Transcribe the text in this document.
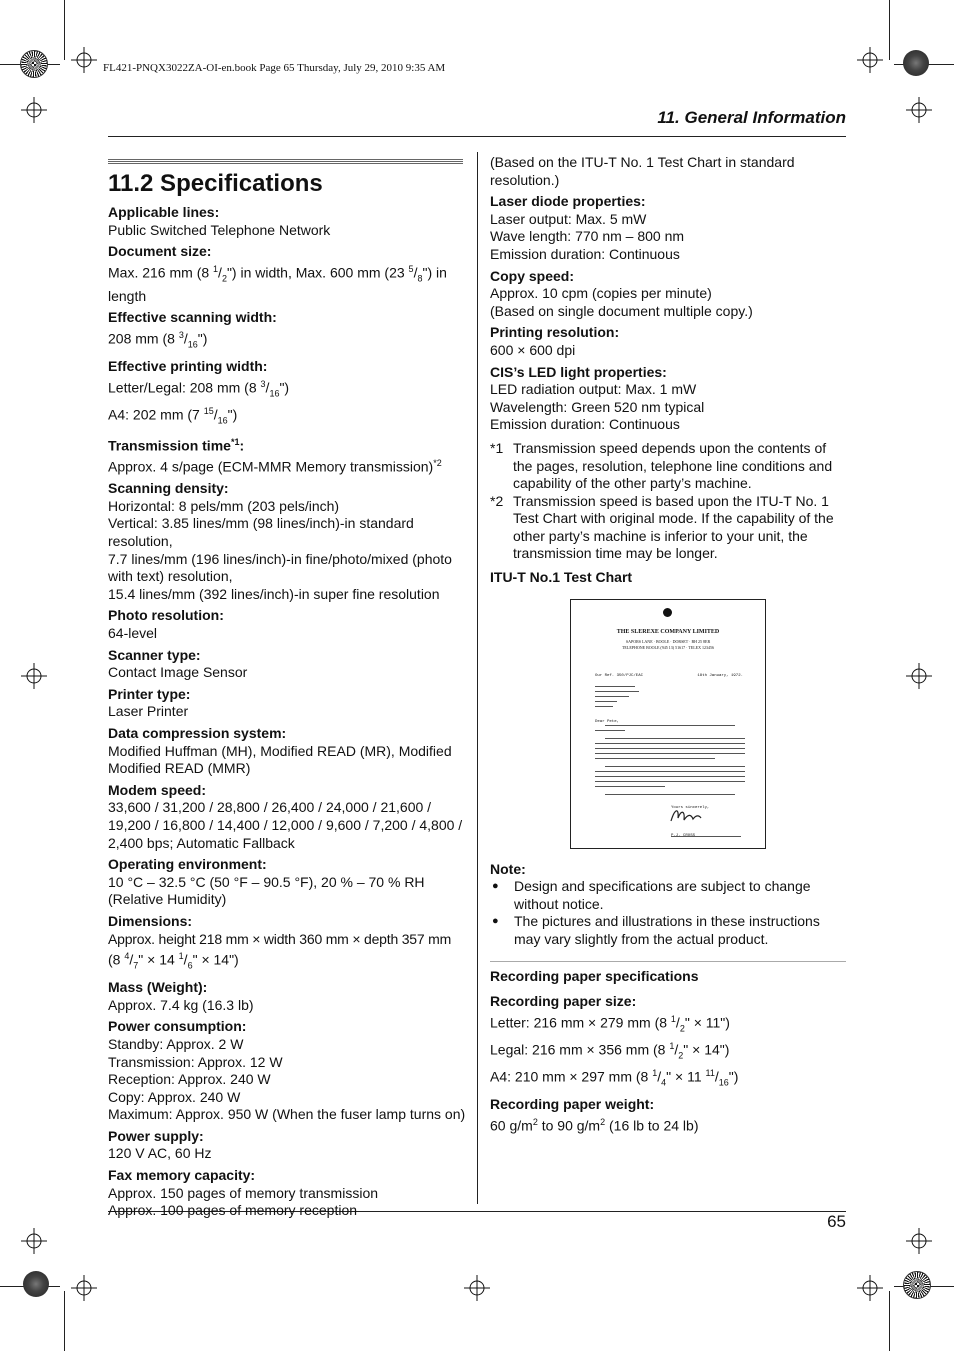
FL421-PNQX3022ZA-OI-en.book Page 65 Thursday, July 29, 2010 9:35 AM
11. General Information
65
11.2 Specifications
Applicable lines:
Public Switched Telephone Network
Document size:
Max. 216 mm (8 $^1/_2$") in width, Max. 600 mm (23 $^5/_8$") in length
Effective scanning width:
208 mm (8 $^3/_{16}$")
Effective printing width:
Letter/Legal: 208 mm (8 $^3/_{16}$")
A4: 202 mm (7 $^{15}/_{16}$")
Transmission time$^{*1}$:
Approx. 4 s/page (ECM-MMR Memory transmission)$^{*2}$
Scanning density:
Horizontal: 8 pels/mm (203 pels/inch)
Vertical: 3.85 lines/mm (98 lines/inch)-in standard resolution,
7.7 lines/mm (196 lines/inch)-in fine/photo/mixed (photo with text) resolution,
15.4 lines/mm (392 lines/inch)-in super fine resolution
Photo resolution:
64-level
Scanner type:
Contact Image Sensor
Printer type:
Laser Printer
Data compression system:
Modified Huffman (MH), Modified READ (MR), Modified Modified READ (MMR)
Modem speed:
33,600 / 31,200 / 28,800 / 26,400 / 24,000 / 21,600 / 19,200 / 16,800 / 14,400 / 12,000 / 9,600 / 7,200 / 4,800 / 2,400 bps; Automatic Fallback
Operating environment:
10 °C – 32.5 °C (50 °F – 90.5 °F), 20 % – 70 % RH (Relative Humidity)
Dimensions:
Approx. height 218 mm × width 360 mm × depth 357 mm
(8 $^4/_7$" × 14 $^1/_6$" × 14")
Mass (Weight):
Approx. 7.4 kg (16.3 lb)
Power consumption:
Standby: Approx. 2 W
Transmission: Approx. 12 W
Reception: Approx. 240 W
Copy: Approx. 240 W
Maximum: Approx. 950 W (When the fuser lamp turns on)
Power supply:
120 V AC, 60 Hz
Fax memory capacity:
Approx. 150 pages of memory transmission
Approx. 100 pages of memory reception
(Based on the ITU-T No. 1 Test Chart in standard resolution.)
Laser diode properties:
Laser output: Max. 5 mW
Wave length: 770 nm – 800 nm
Emission duration: Continuous
Copy speed:
Approx. 10 cpm (copies per minute)
(Based on single document multiple copy.)
Printing resolution:
600 × 600 dpi
CIS’s LED light properties:
LED radiation output: Max. 1 mW
Wavelength: Green 520 nm typical
Emission duration: Continuous
*1 Transmission speed depends upon the contents of the pages, resolution, telephone line conditions and capability of the other party’s machine.
*2 Transmission speed is based upon the ITU-T No. 1 Test Chart with original mode. If the capability of the other party’s machine is inferior to your unit, the transmission time may be longer.
ITU-T No.1 Test Chart
THE SLEREXE COMPANY LIMITED
SAPORS LANE · BOOLE · DORSET · BH 25 8ER
TELEPHONE BOOLE (945 13) 51617 · TELEX 123456
Our Ref. 350/PJC/EAC	18th January, 1972.
Dear Pete,
Yours sincerely,
Note:
●	Design and specifications are subject to change without notice.
●	The pictures and illustrations in these instructions may vary slightly from the actual product.
Recording paper specifications
Recording paper size:
Letter: 216 mm × 279 mm (8 $^1/_2$" × 11")
Legal: 216 mm × 356 mm (8 $^1/_2$" × 14")
A4: 210 mm × 297 mm (8 $^1/_4$" × 11 $^{11}/_{16}$")
Recording paper weight:
60 $g/m^2$ to 90 $g/m^2$ (16 lb to 24 lb)
